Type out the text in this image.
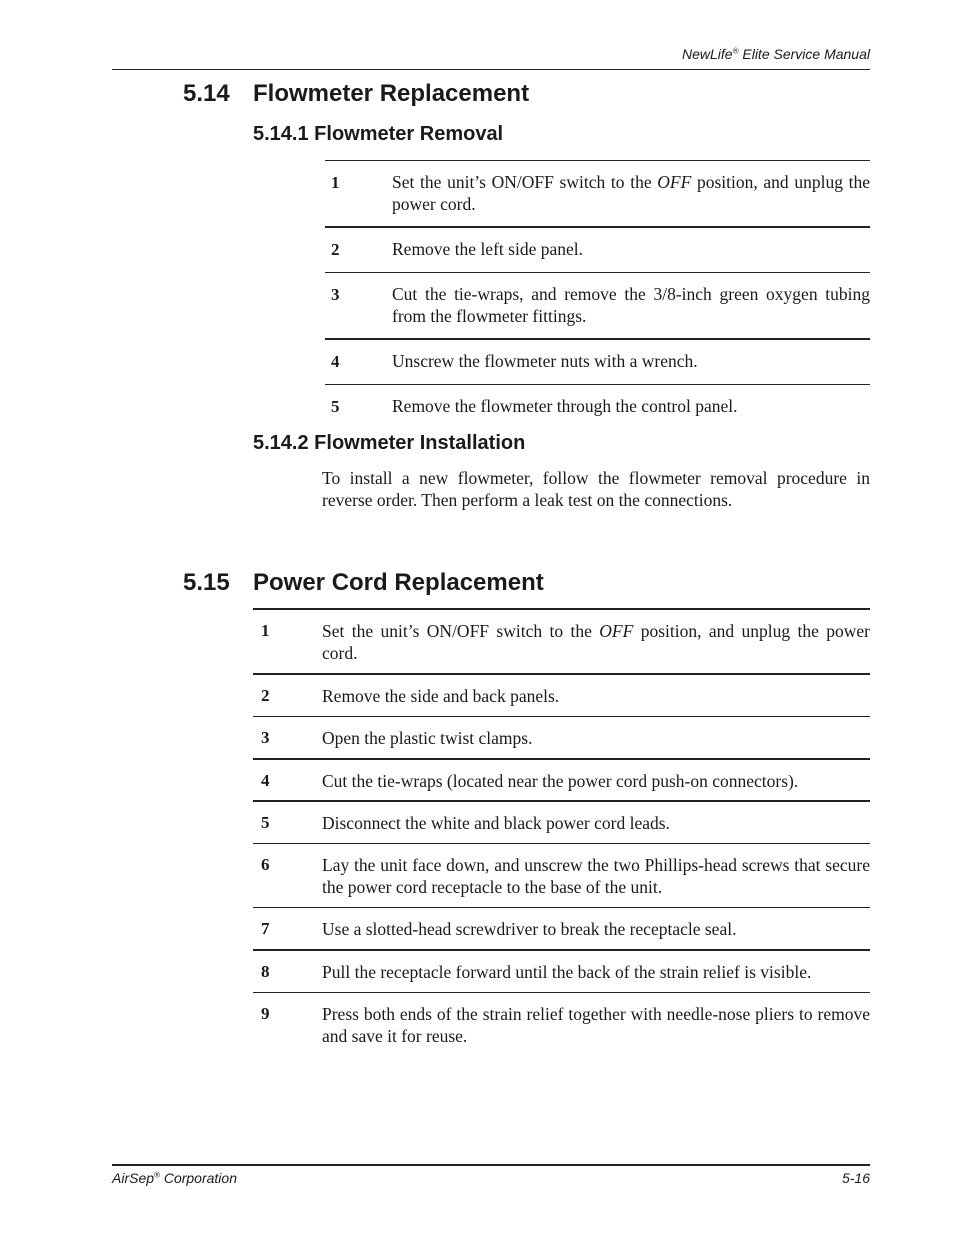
NewLife® Elite Service Manual
5.14 Flowmeter Replacement
5.14.1 Flowmeter Removal
1	Set the unit’s ON/OFF switch to the OFF position, and unplug the power cord.
2	Remove the left side panel.
3	Cut the tie-wraps, and remove the 3/8-inch green oxygen tubing from the flowmeter fittings.
4	Unscrew the flowmeter nuts with a wrench.
5	Remove the flowmeter through the control panel.
5.14.2 Flowmeter Installation

To install a new flowmeter, follow the flowmeter removal procedure in reverse order. Then perform a leak test on the connections.

5.15 Power Cord Replacement
1	Set the unit’s ON/OFF switch to the OFF position, and unplug the power cord.
2	Remove the side and back panels.
3	Open the plastic twist clamps.
4	Cut the tie-wraps (located near the power cord push-on connectors).
5	Disconnect the white and black power cord leads.
6	Lay the unit face down, and unscrew the two Phillips-head screws that secure the power cord receptacle to the base of the unit.
7	Use a slotted-head screwdriver to break the receptacle seal.
8	Pull the receptacle forward until the back of the strain relief is visible.
9	Press both ends of the strain relief together with needle-nose pliers to remove and save it for reuse.
AirSep® Corporation	5-16
